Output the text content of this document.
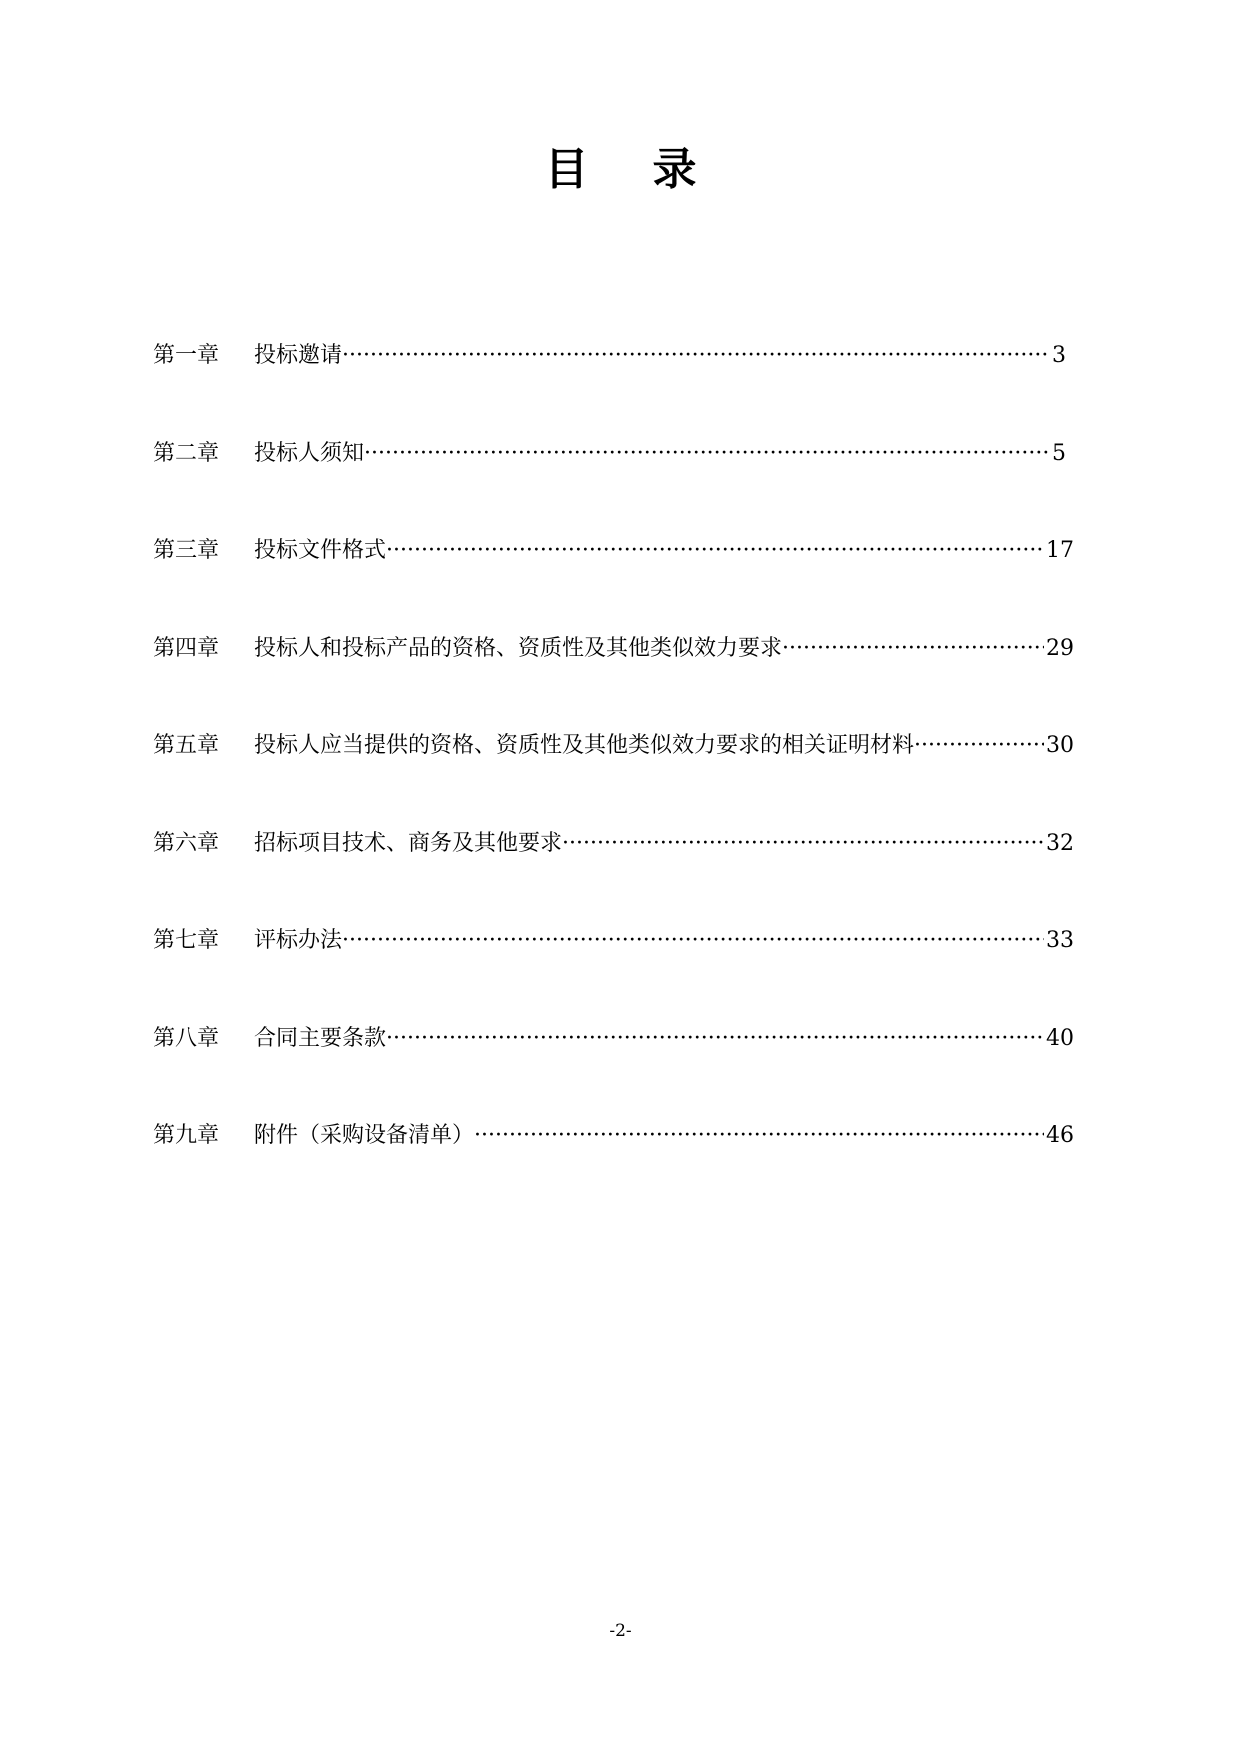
目录
第一章	投标邀请 ·····	3
第二章	投标人须知 ·····	5
第三章	投标文件格式 ·····	17
第四章	投标人和投标产品的资格、资质性及其他类似效力要求 ·····	29
第五章	投标人应当提供的资格、资质性及其他类似效力要求的相关证明材料 ·····	30
第六章	招标项目技术、商务及其他要求 ·····	32
第七章	评标办法 ·····	33
第八章	合同主要条款 ·····	40
第九章	附件（采购设备清单） ·····	46
-2-
